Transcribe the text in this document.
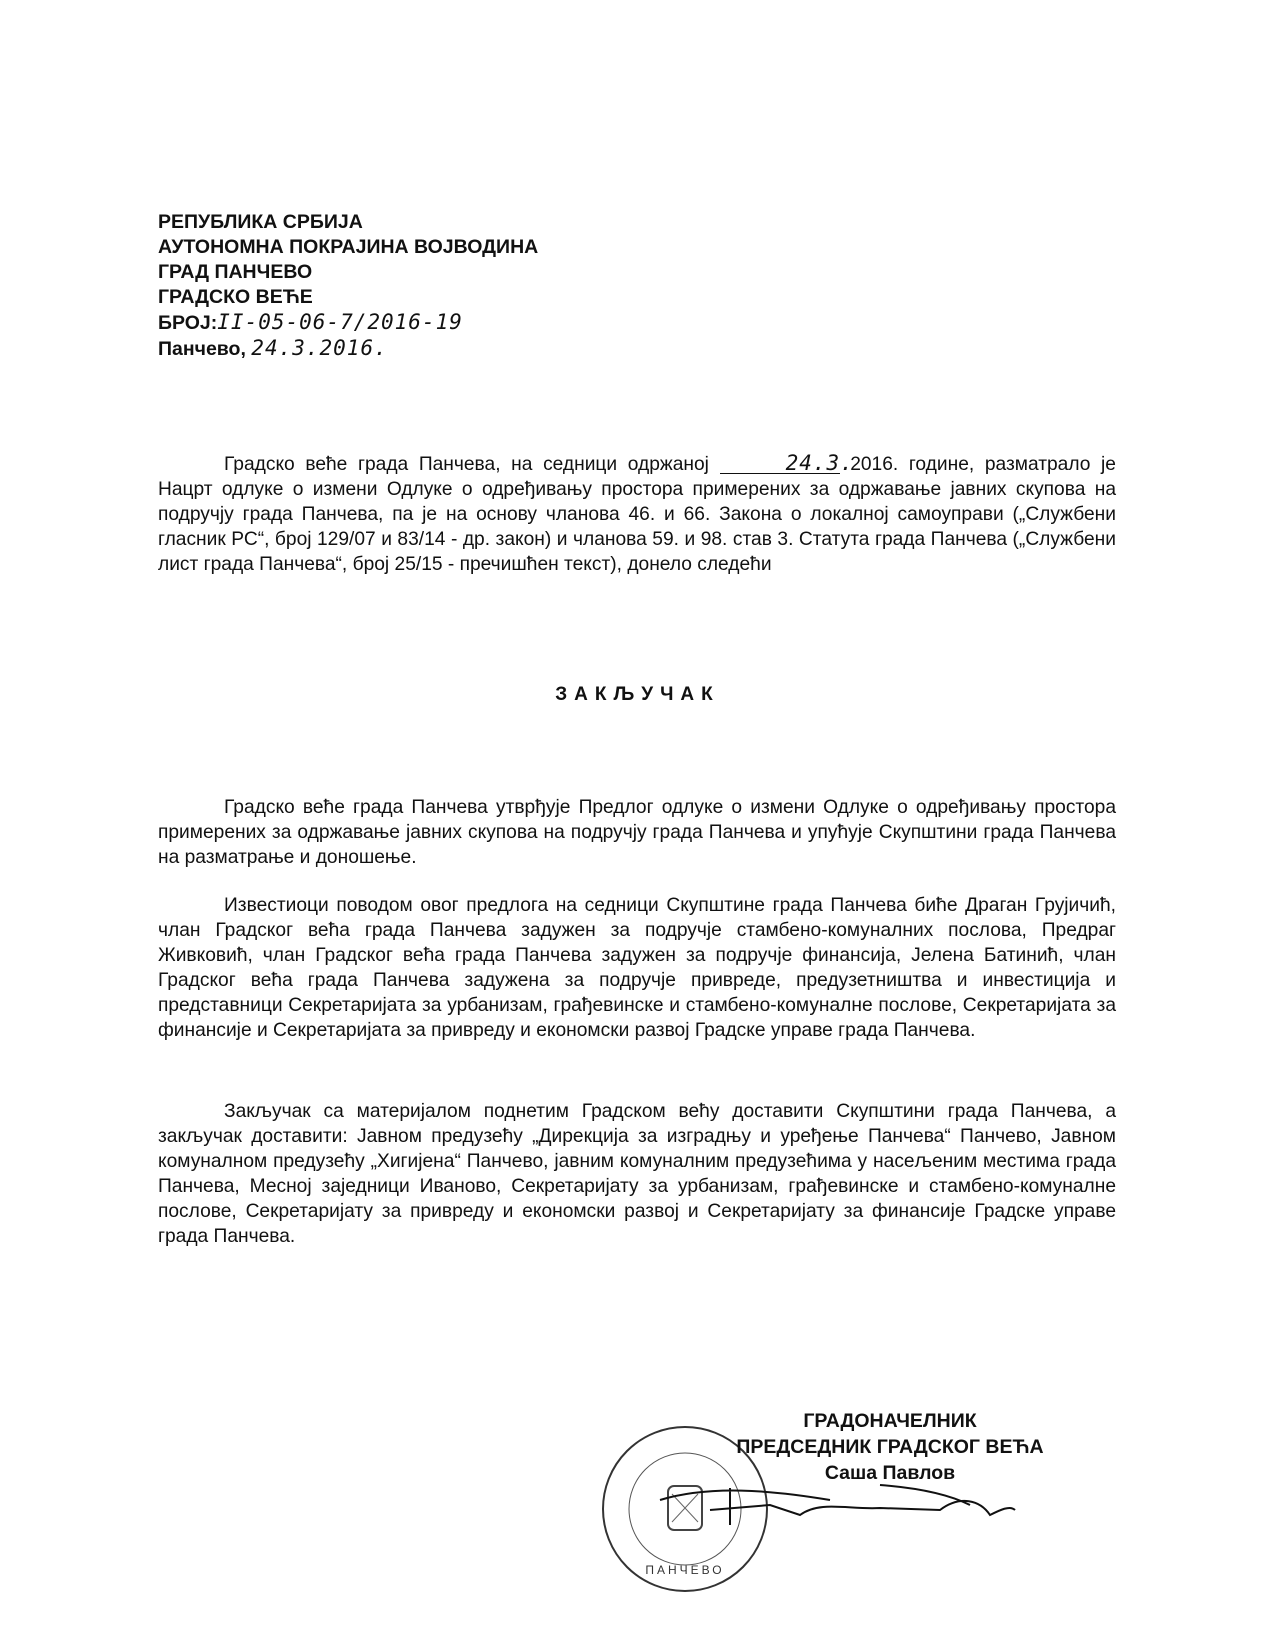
РЕПУБЛИКА СРБИЈА
АУТОНОМНА ПОКРАЈИНА ВОЈВОДИНА
ГРАД ПАНЧЕВО
ГРАДСКО ВЕЋЕ
БРОЈ:II-05-06-7/2016-19
Панчево, 24.3.2016.
Градско веће града Панчева, на седници одржаној	24.3. 2016. године, разматрало је Нацрт одлуке о измени Одлуке о одређивању простора примерених за одржавање јавних скупова на подручју града Панчева, па је на основу чланова 46. и 66. Закона о локалној самоуправи („Службени гласник РС“, број 129/07 и 83/14 - др. закон) и чланова 59. и 98. став 3. Статута града Панчева („Службени лист града Панчева“, број 25/15 - пречишћен текст), донело следећи
ЗАКЉУЧАК
Градско веће града Панчева утврђује Предлог одлуке о измени Одлуке о одређивању простора примерених за одржавање јавних скупова на подручју града Панчева и упућује Скупштини града Панчева на разматрање и доношење.
Известиоци поводом овог предлога на седници Скупштине града Панчева биће Драган Грујичић, члан Градског већа града Панчева задужен за подручје стамбено-комуналних послова, Предраг Живковић, члан Градског већа града Панчева задужен за подручје финансија, Јелена Батинић, члан Градског већа града Панчева задужена за подручје привреде, предузетништва и инвестиција и представници Секретаријата за урбанизам, грађевинске и стамбено-комуналне послове, Секретаријата за финансије и Секретаријата за привреду и економски развој Градске управе града Панчева.
Закључак са материјалом поднетим Градском већу доставити Скупштини града Панчева, а закључак доставити: Јавном предузећу „Дирекција за изградњу и уређење Панчева“ Панчево, Јавном комуналном предузећу „Хигијена“ Панчево, јавним комуналним предузећима у насељеним местима града Панчева, Месној заједници Иваново, Секретаријату за урбанизам, грађевинске и стамбено-комуналне послове, Секретаријату за привреду и економски развој и Секретаријату за финансије Градске управе града Панчева.
ПАНЧЕВО
ГРАДОНАЧЕЛНИК
ПРЕДСЕДНИК ГРАДСКОГ ВЕЋА
Саша Павлов
